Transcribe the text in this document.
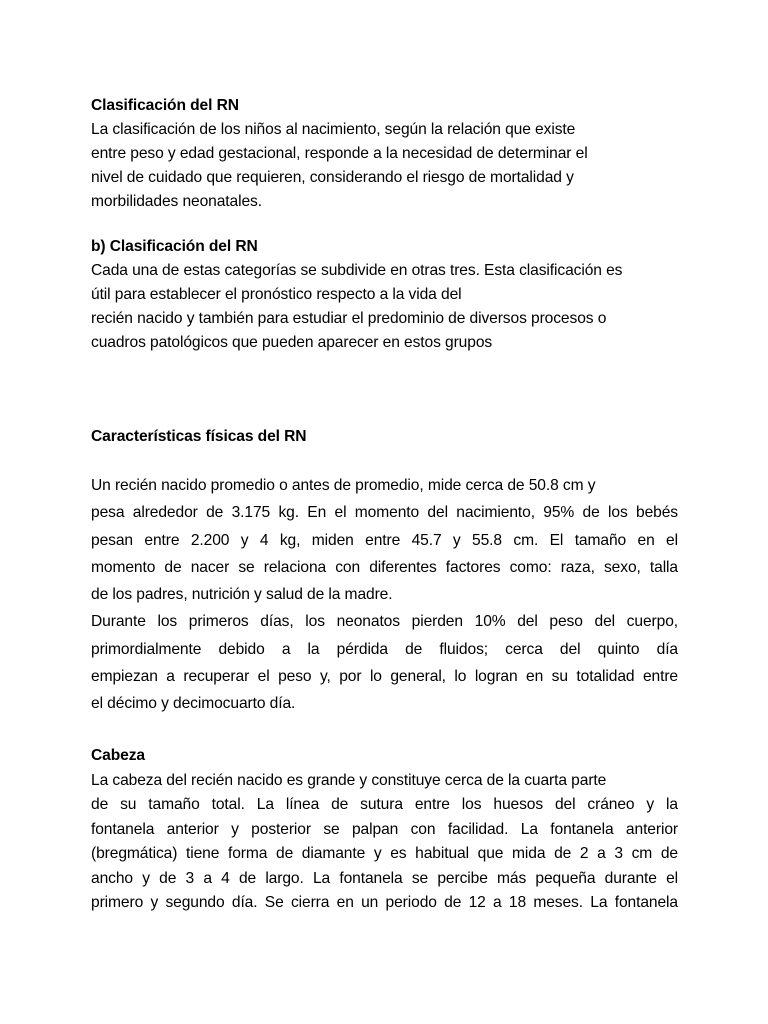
Clasificación del RN

La clasificación de los niños al nacimiento, según la relación que existe

entre peso y edad gestacional, responde a la necesidad de determinar el

nivel de cuidado que requieren, considerando el riesgo de mortalidad y

morbilidades neonatales.

b) Clasificación del RN

Cada una de estas categorías se subdivide en otras tres. Esta clasificación es

útil para establecer el pronóstico respecto a la vida del

recién nacido y también para estudiar el predominio de diversos procesos o

cuadros patológicos que pueden aparecer en estos grupos

Características físicas del RN

Un recién nacido promedio o antes de promedio, mide cerca de 50.8 cm y

pesa alrededor de 3.175 kg. En el momento del nacimiento, 95% de los bebés

pesan entre 2.200 y 4 kg, miden entre 45.7 y 55.8 cm. El tamaño en el

momento de nacer se relaciona con diferentes factores como: raza, sexo, talla

de los padres, nutrición y salud de la madre.

Durante los primeros días, los neonatos pierden 10% del peso del cuerpo,

primordialmente debido a la pérdida de fluidos; cerca del quinto día

empiezan a recuperar el peso y, por lo general, lo logran en su totalidad entre

el décimo y decimocuarto día.

Cabeza

La cabeza del recién nacido es grande y constituye cerca de la cuarta parte

de su tamaño total. La línea de sutura entre los huesos del cráneo y la

fontanela anterior y posterior se palpan con facilidad. La fontanela anterior

(bregmática) tiene forma de diamante y es habitual que mida de 2 a 3 cm de

ancho y de 3 a 4 de largo. La fontanela se percibe más pequeña durante el

primero y segundo día. Se cierra en un periodo de 12 a 18 meses. La fontanela
